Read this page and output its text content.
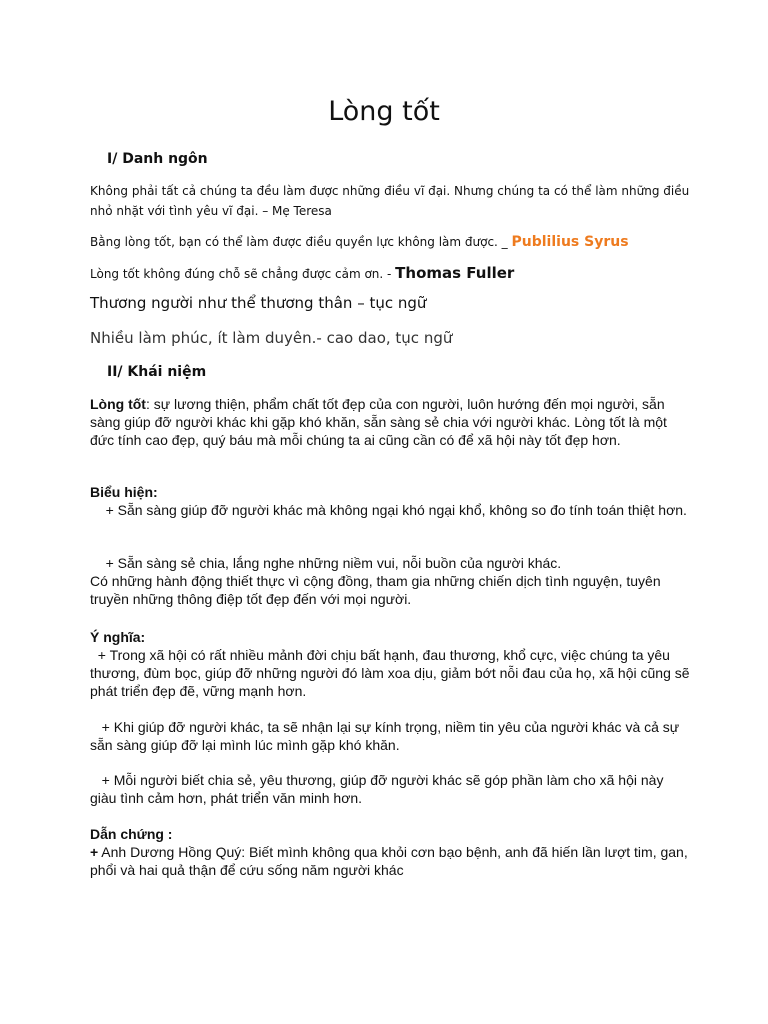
Lòng tốt
I/ Danh ngôn

Không phải tất cả chúng ta đều làm được những điều vĩ đại. Nhưng chúng ta có thể làm những điều nhỏ nhặt với tình yêu vĩ đại. – Mẹ Teresa

Bằng lòng tốt, bạn có thể làm được điều quyền lực không làm được. _ Publilius Syrus

Lòng tốt không đúng chỗ sẽ chẳng được cảm ơn. - Thomas Fuller

Thương người như thể thương thân – tục ngữ

Nhiều làm phúc, ít làm duyên.- cao dao, tục ngữ

II/ Khái niệm

Lòng tốt: sự lương thiện, phẩm chất tốt đẹp của con người, luôn hướng đến mọi người, sẵn sàng giúp đỡ người khác khi gặp khó khăn, sẵn sàng sẻ chia với người khác. Lòng tốt là một đức tính cao đẹp, quý báu mà mỗi chúng ta ai cũng cần có để xã hội này tốt đẹp hơn.

Biểu hiện:

+ Sẵn sàng giúp đỡ người khác mà không ngại khó ngại khổ, không so đo tính toán thiệt hơn.

+ Sẵn sàng sẻ chia, lắng nghe những niềm vui, nỗi buồn của người khác.

Có những hành động thiết thực vì cộng đồng, tham gia những chiến dịch tình nguyện, tuyên truyền những thông điệp tốt đẹp đến với mọi người.

Ý nghĩa:

+ Trong xã hội có rất nhiều mảnh đời chịu bất hạnh, đau thương, khổ cực, việc chúng ta yêu thương, đùm bọc, giúp đỡ những người đó làm xoa dịu, giảm bớt nỗi đau của họ, xã hội cũng sẽ phát triển đẹp đẽ, vững mạnh hơn.

+ Khi giúp đỡ người khác, ta sẽ nhận lại sự kính trọng, niềm tin yêu của người khác và cả sự sẵn sàng giúp đỡ lại mình lúc mình gặp khó khăn.

+ Mỗi người biết chia sẻ, yêu thương, giúp đỡ người khác sẽ góp phần làm cho xã hội này giàu tình cảm hơn, phát triển văn minh hơn.

Dẫn chứng :

+ Anh Dương Hồng Quý: Biết mình không qua khỏi cơn bạo bệnh, anh đã hiến lần lượt tim, gan, phổi và hai quả thận để cứu sống năm người khác
